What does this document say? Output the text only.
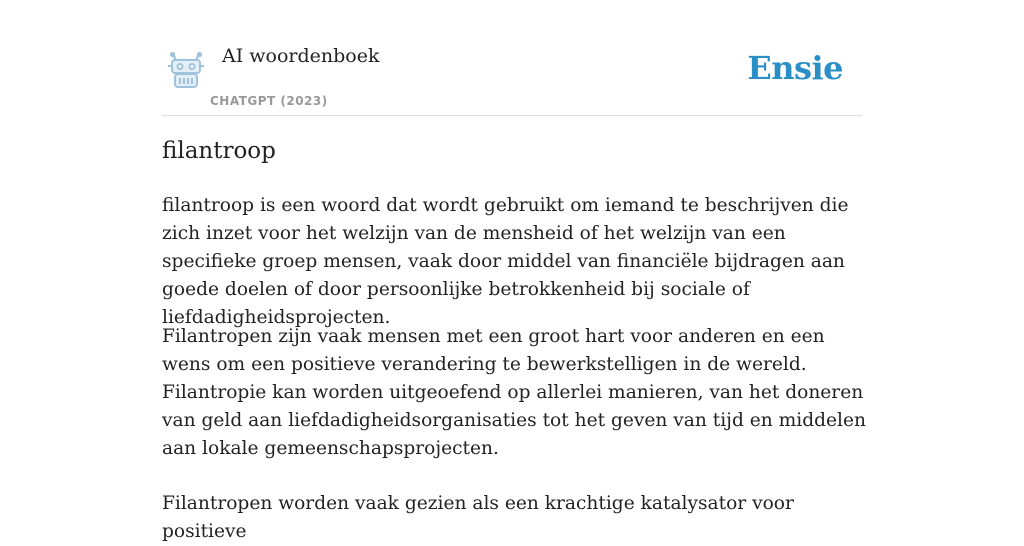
AI woordenboek
CHATGPT (2023)
Ensie
filantroop

filantroop is een woord dat wordt gebruikt om iemand te beschrijven die zich inzet voor het welzijn van de mensheid of het welzijn van een specifieke groep mensen, vaak door middel van financiële bijdragen aan goede doelen of door persoonlijke betrokkenheid bij sociale of liefdadigheidsprojecten.

Filantropen zijn vaak mensen met een groot hart voor anderen en een wens om een positieve verandering te bewerkstelligen in de wereld. Filantropie kan worden uitgeoefend op allerlei manieren, van het doneren van geld aan liefdadigheidsorganisaties tot het geven van tijd en middelen aan lokale gemeenschapsprojecten.

Filantropen worden vaak gezien als een krachtige katalysator voor positieve
